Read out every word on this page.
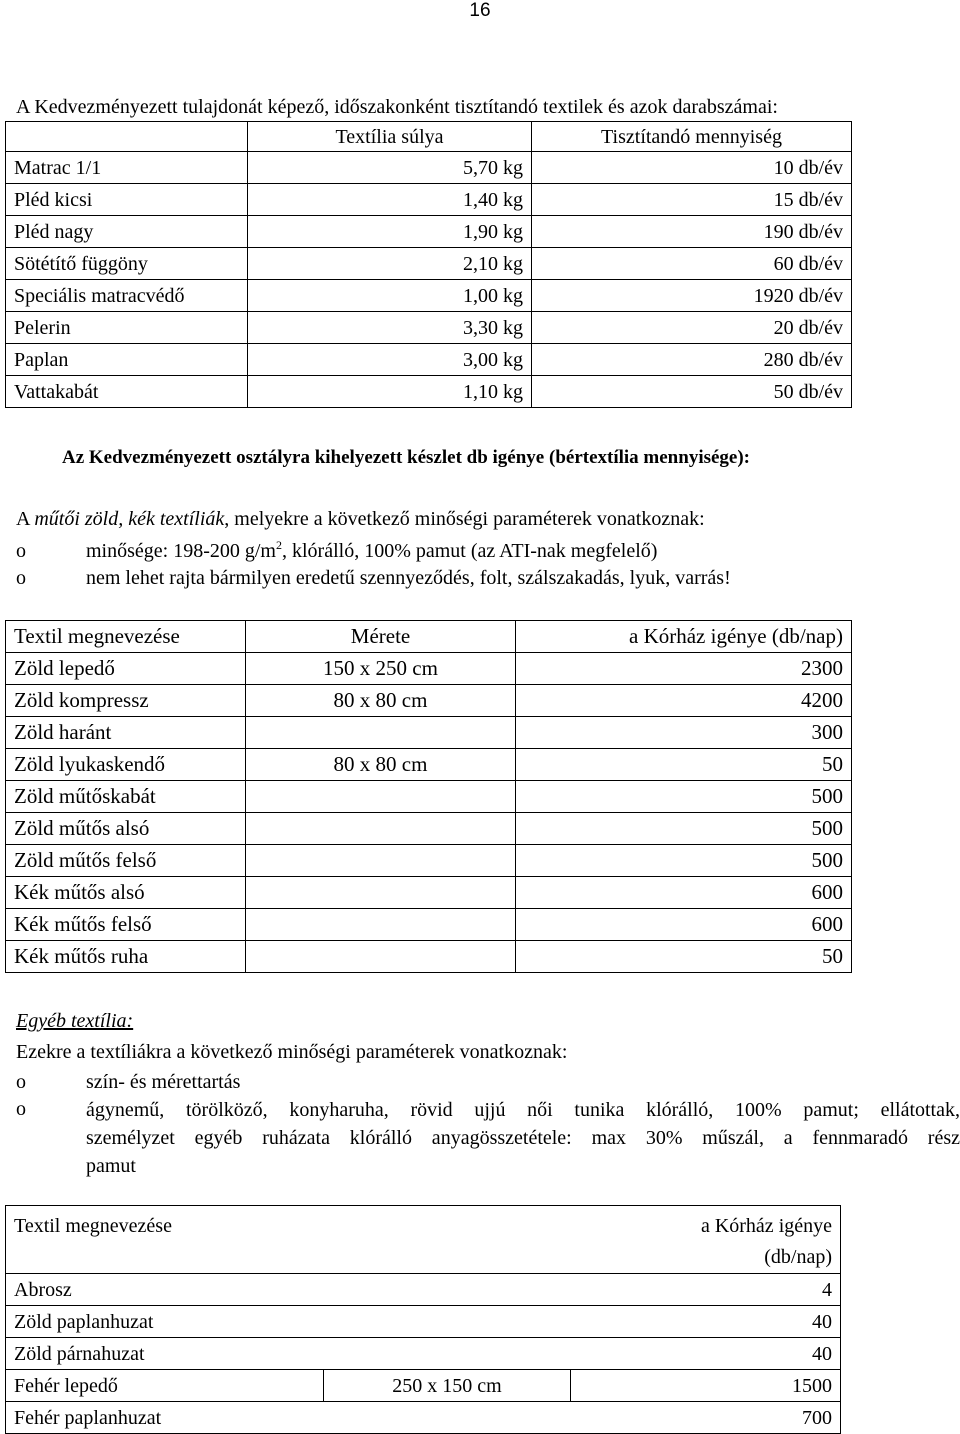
16
A Kedvezményezett tulajdonát képező, időszakonként tisztítandó textilek és azok darabszámai:
	Textília súlya	Tisztítandó mennyiség
Matrac 1/1	5,70 kg	10 db/év
Pléd kicsi	1,40 kg	15 db/év
Pléd nagy	1,90 kg	190 db/év
Sötétítő függöny	2,10 kg	60 db/év
Speciális matracvédő	1,00 kg	1920 db/év
Pelerin	3,30 kg	20 db/év
Paplan	3,00 kg	280 db/év
Vattakabát	1,10 kg	50 db/év
Az Kedvezményezett osztályra kihelyezett készlet db igénye (bértextília mennyisége):
A műtői zöld, kék textíliák, melyekre a következő minőségi paraméterek vonatkoznak:
o	minősége: 198-200 $g/m^2$, klórálló, 100% pamut (az ATI-nak megfelelő)
o	nem lehet rajta bármilyen eredetű szennyeződés, folt, szálszakadás, lyuk, varrás!
Textil megnevezése	Mérete	a Kórház igénye (db/nap)
Zöld lepedő	150 x 250 cm	2300
Zöld kompressz	80 x 80 cm	4200
Zöld haránt		300
Zöld lyukaskendő	80 x 80 cm	50
Zöld műtőskabát		500
Zöld műtős alsó		500
Zöld műtős felső		500
Kék műtős alsó		600
Kék műtős felső		600
Kék műtős ruha		50
Egyéb textília:
Ezekre a textíliákra a következő minőségi paraméterek vonatkoznak:
o	szín- és mérettartás
o	ágynemű, törölköző, konyharuha, rövid ujjú női tunika klórálló, 100% pamut; ellátottak,
személyzet egyéb ruházata klórálló anyagösszetétele: max 30% műszál, a fennmaradó rész
pamut
Textil megnevezése		a Kórház igénye
(db/nap)

Abrosz		4
Zöld paplanhuzat		40
Zöld párnahuzat		40
Fehér lepedő	250 x 150 cm	1500
Fehér paplanhuzat		700
